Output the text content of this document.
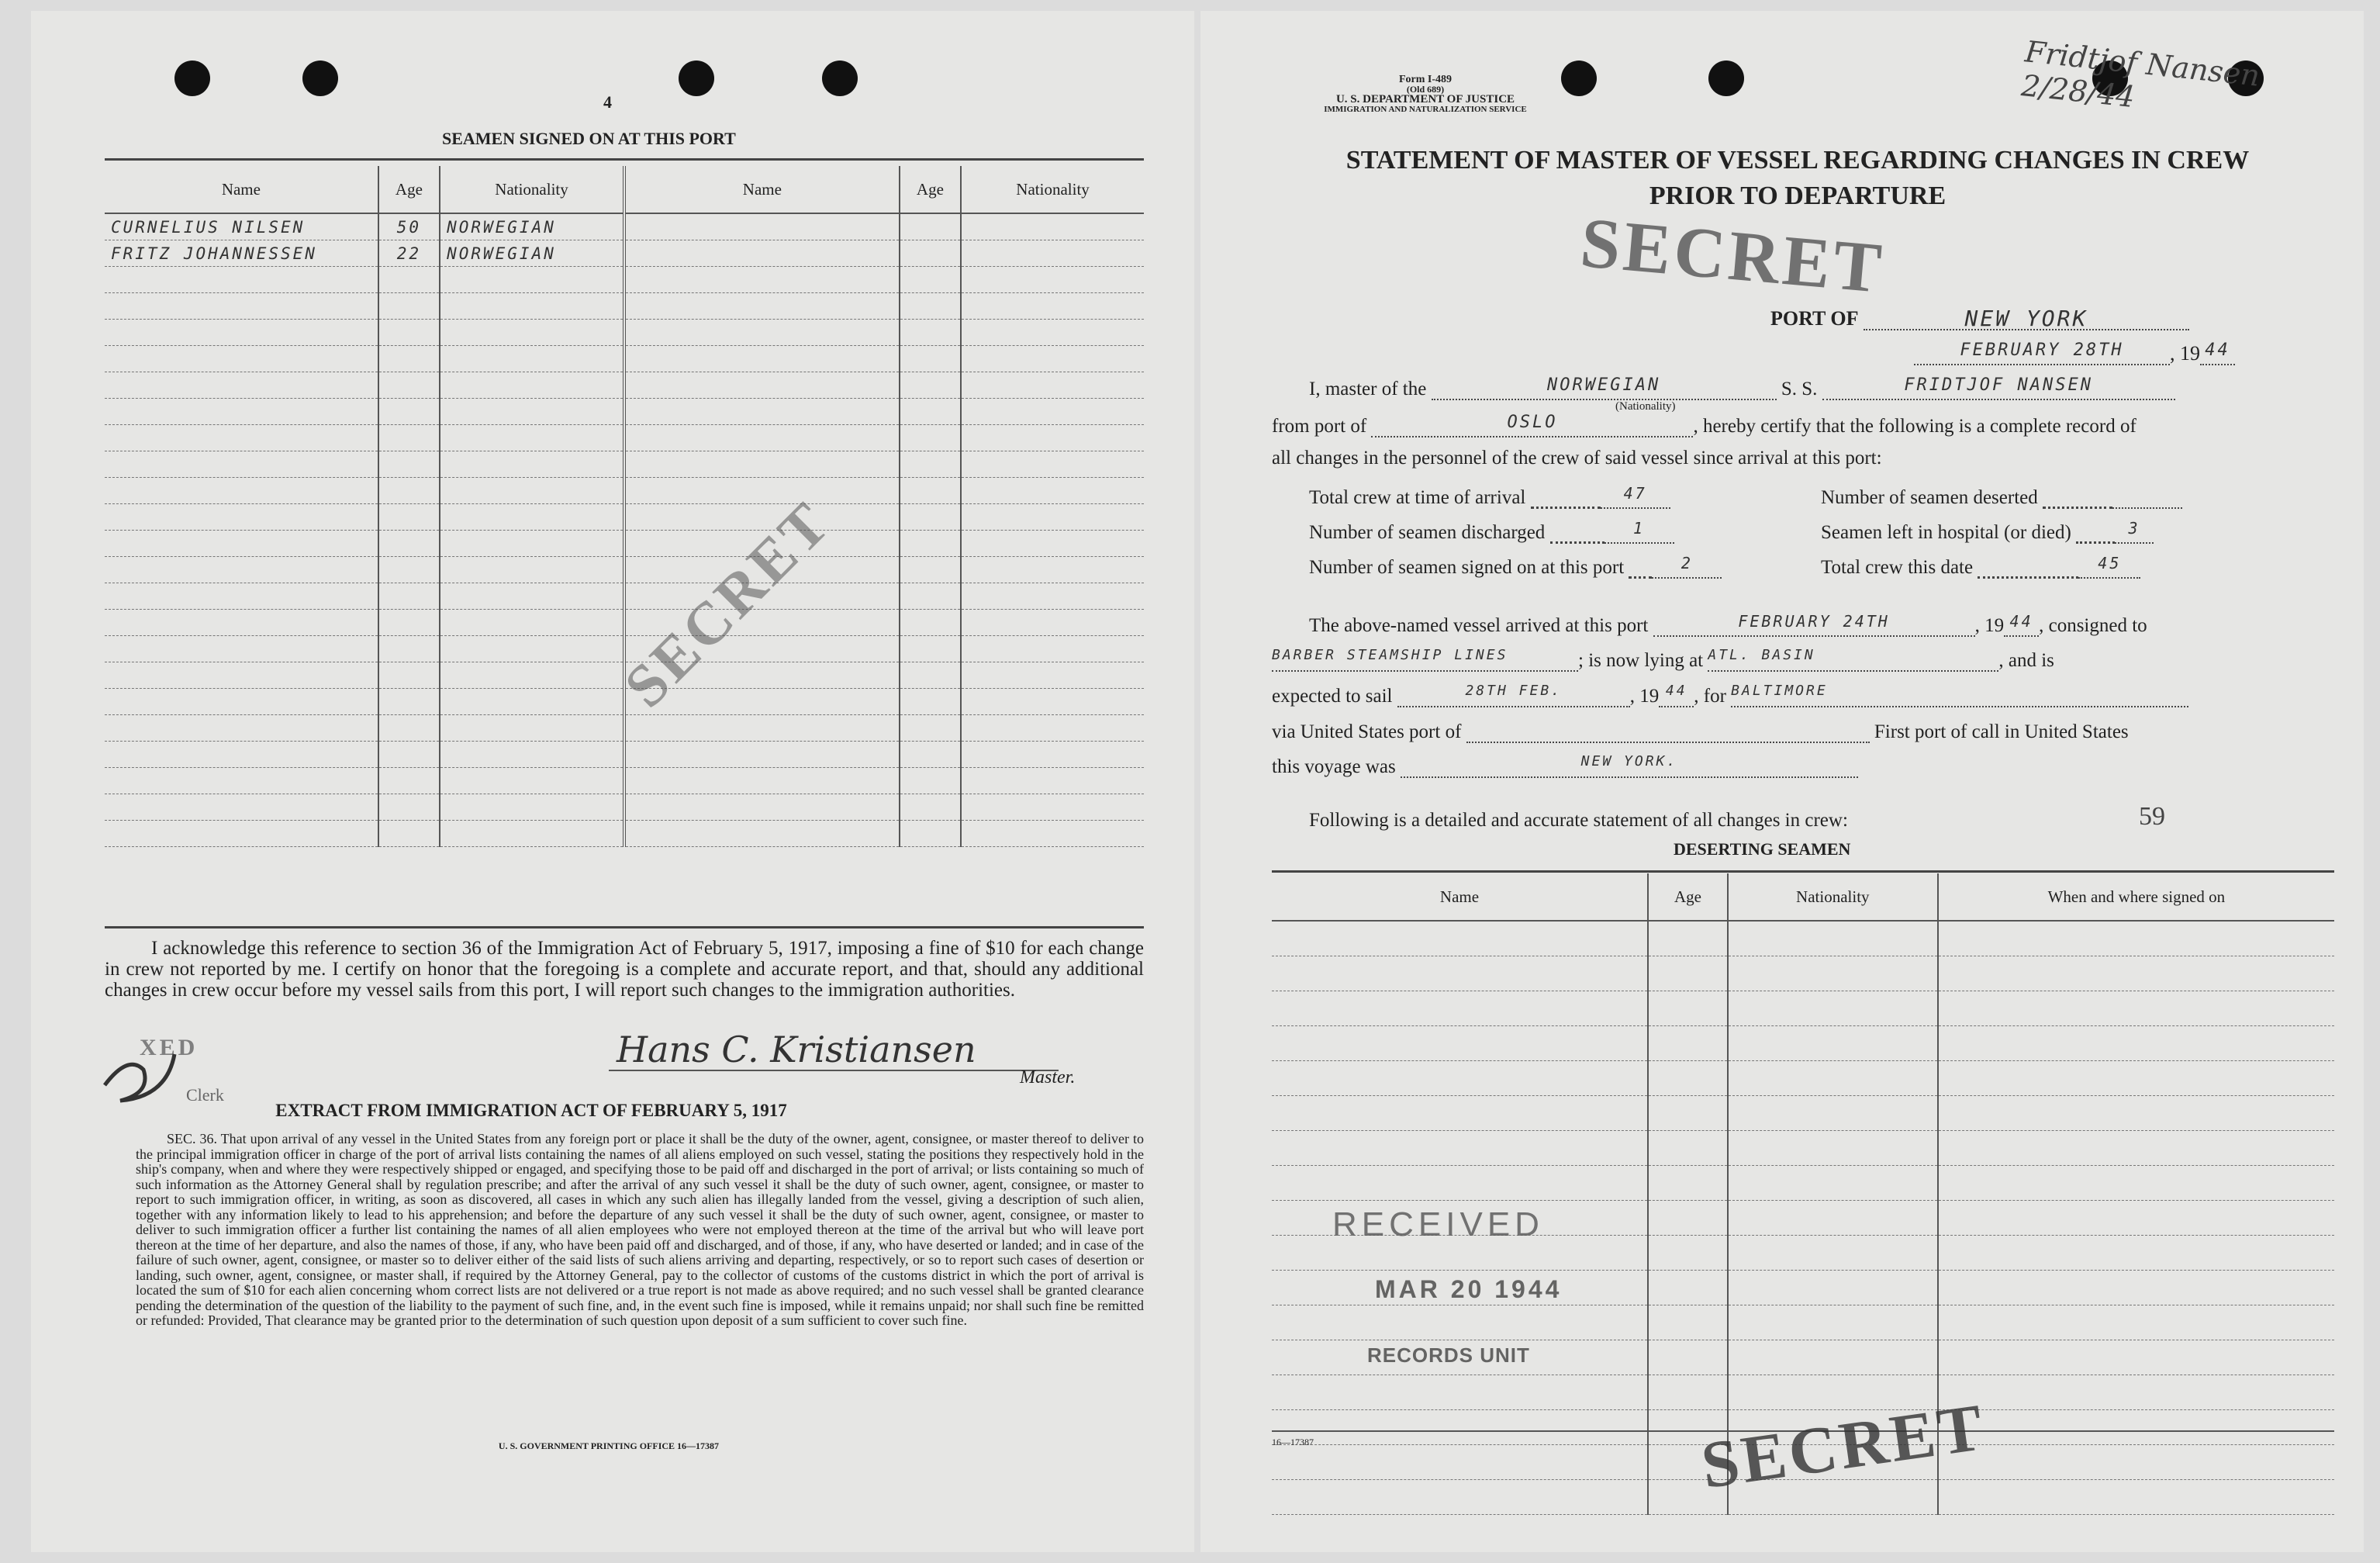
4
SEAMEN SIGNED ON AT THIS PORT
Name	Age	Nationality	Name	Age	Nationality
CURNELIUS NILSEN	50	NORWEGIAN			
FRITZ JOHANNESSEN	22	NORWEGIAN			

SECRET

I acknowledge this reference to section 36 of the Immigration Act of February 5, 1917, imposing a fine of $10 for each change in crew not reported by me. I certify on honor that the foregoing is a complete and accurate report, and that, should any additional changes in crew occur before my vessel sails from this port, I will report such changes to the immigration authorities.

XED
Clerk
Hans C. Kristiansen
Master.
EXTRACT FROM IMMIGRATION ACT OF FEBRUARY 5, 1917

SEC. 36. That upon arrival of any vessel in the United States from any foreign port or place it shall be the duty of the owner, agent, consignee, or master thereof to deliver to the principal immigration officer in charge of the port of arrival lists containing the names of all aliens employed on such vessel, stating the positions they respectively hold in the ship's company, when and where they were respectively shipped or engaged, and specifying those to be paid off and discharged in the port of arrival; or lists containing so much of such information as the Attorney General shall by regulation prescribe; and after the arrival of any such vessel it shall be the duty of such owner, agent, consignee, or master to report to such immigration officer, in writing, as soon as discovered, all cases in which any such alien has illegally landed from the vessel, giving a description of such alien, together with any information likely to lead to his apprehension; and before the departure of any such vessel it shall be the duty of such owner, agent, consignee, or master to deliver to such immigration officer a further list containing the names of all alien employees who were not employed thereon at the time of the arrival but who will leave port thereon at the time of her departure, and also the names of those, if any, who have been paid off and discharged, and of those, if any, who have deserted or landed; and in case of the failure of such owner, agent, consignee, or master so to deliver either of the said lists of such aliens arriving and departing, respectively, or so to report such cases of desertion or landing, such owner, agent, consignee, or master shall, if required by the Attorney General, pay to the collector of customs of the customs district in which the port of arrival is located the sum of $10 for each alien concerning whom correct lists are not delivered or a true report is not made as above required; and no such vessel shall be granted clearance pending the determination of the question of the liability to the payment of such fine, and, in the event such fine is imposed, while it remains unpaid; nor shall such fine be remitted or refunded: Provided, That clearance may be granted prior to the determination of such question upon deposit of a sum sufficient to cover such fine.

U. S. GOVERNMENT PRINTING OFFICE 16—17387
Form I-489
(Old 689)
U. S. DEPARTMENT OF JUSTICE
IMMIGRATION AND NATURALIZATION SERVICE
Fridtjof Nansen 2/28/44
STATEMENT OF MASTER OF VESSEL REGARDING CHANGES IN CREW
PRIOR TO DEPARTURE
SECRET
PORT OF	NEW YORK
FEBRUARY 28TH , 19 44
I, master of the	NORWEGIAN	S. S.	FRIDTJOF NANSEN
(Nationality)
from port of	OSLO	, hereby certify that the following is a complete record of
all changes in the personnel of the crew of said vessel since arrival at this port:
Total crew at time of arrival	47	Number of seamen deserted
Number of seamen discharged	1	Seamen left in hospital (or died)	3
Number of seamen signed on at this port	2	Total crew this date	45
The above-named vessel arrived at this port	FEBRUARY 24TH	, 19 44 , consigned to
BARBER STEAMSHIP LINES	; is now lying at ATL. BASIN	, and is
expected to sail	28TH FEB.	, 19 44 , for BALTIMORE
via United States port of	First port of call in United States
this voyage was	NEW YORK.
Following is a detailed and accurate statement of all changes in crew:	59
DESERTING SEAMEN
Name	Age	Nationality	When and where signed on

RECEIVED
MAR 20 1944
RECORDS UNIT
16—17387	SECRET
